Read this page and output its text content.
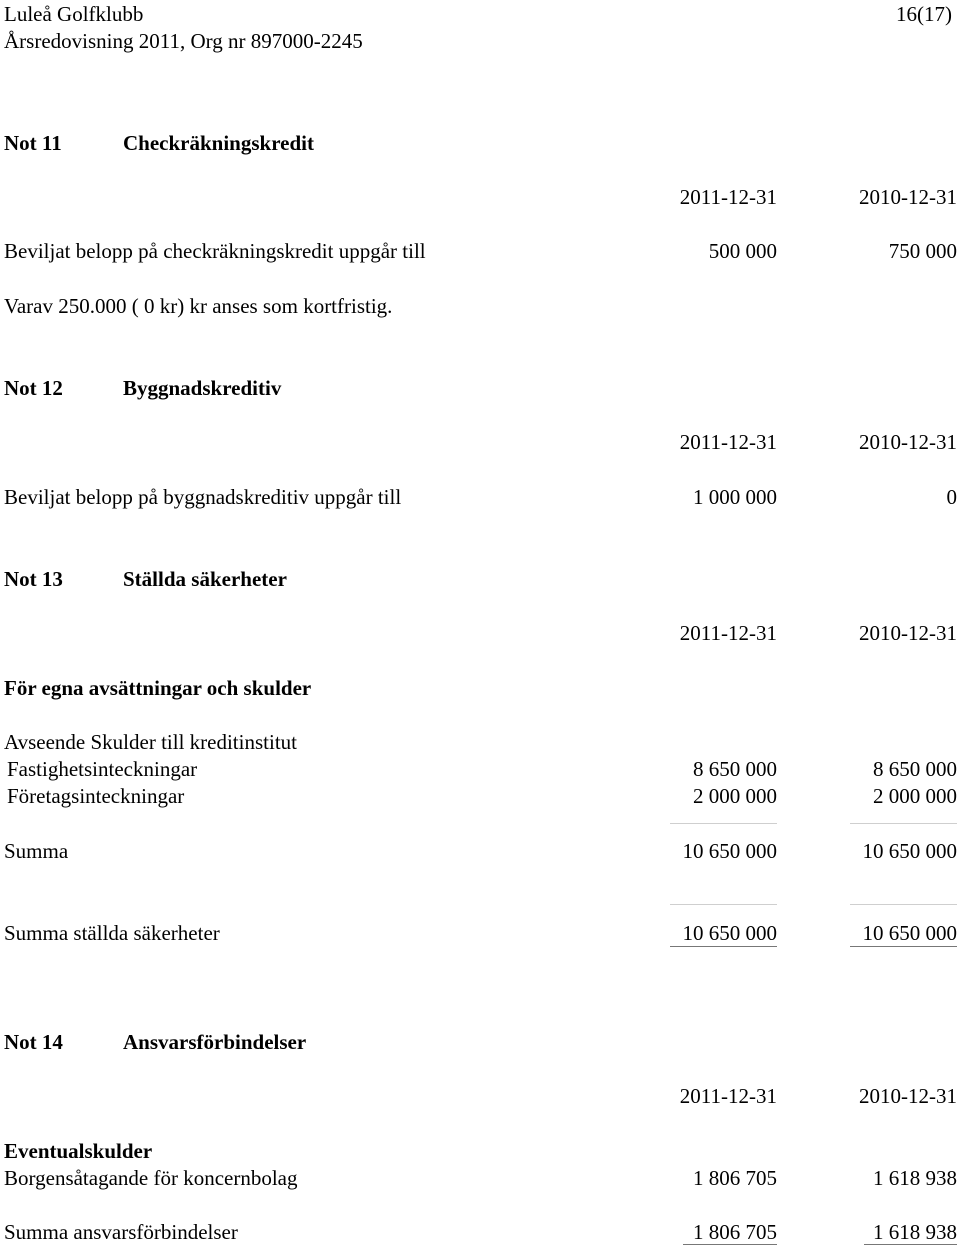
Luleå Golfklubb	16(17)
Årsredovisning 2011, Org nr 897000-2245
Not 11	Checkräkningskredit
2011-12-31	2010-12-31
Beviljat belopp på checkräkningskredit uppgår till	500 000	750 000
Varav 250.000 ( 0 kr) kr anses som kortfristig.
Not 12	Byggnadskreditiv
2011-12-31	2010-12-31
Beviljat belopp på byggnadskreditiv uppgår till	1 000 000	0
Not 13	Ställda säkerheter
2011-12-31	2010-12-31
För egna avsättningar och skulder
Avseende Skulder till kreditinstitut
Fastighetsinteckningar	8 650 000	8 650 000
Företagsinteckningar	2 000 000	2 000 000
Summa	10 650 000	10 650 000
Summa ställda säkerheter	10 650 000	10 650 000
Not 14	Ansvarsförbindelser
2011-12-31	2010-12-31
Eventualskulder
Borgensåtagande för koncernbolag	1 806 705	1 618 938
Summa ansvarsförbindelser	1 806 705	1 618 938
